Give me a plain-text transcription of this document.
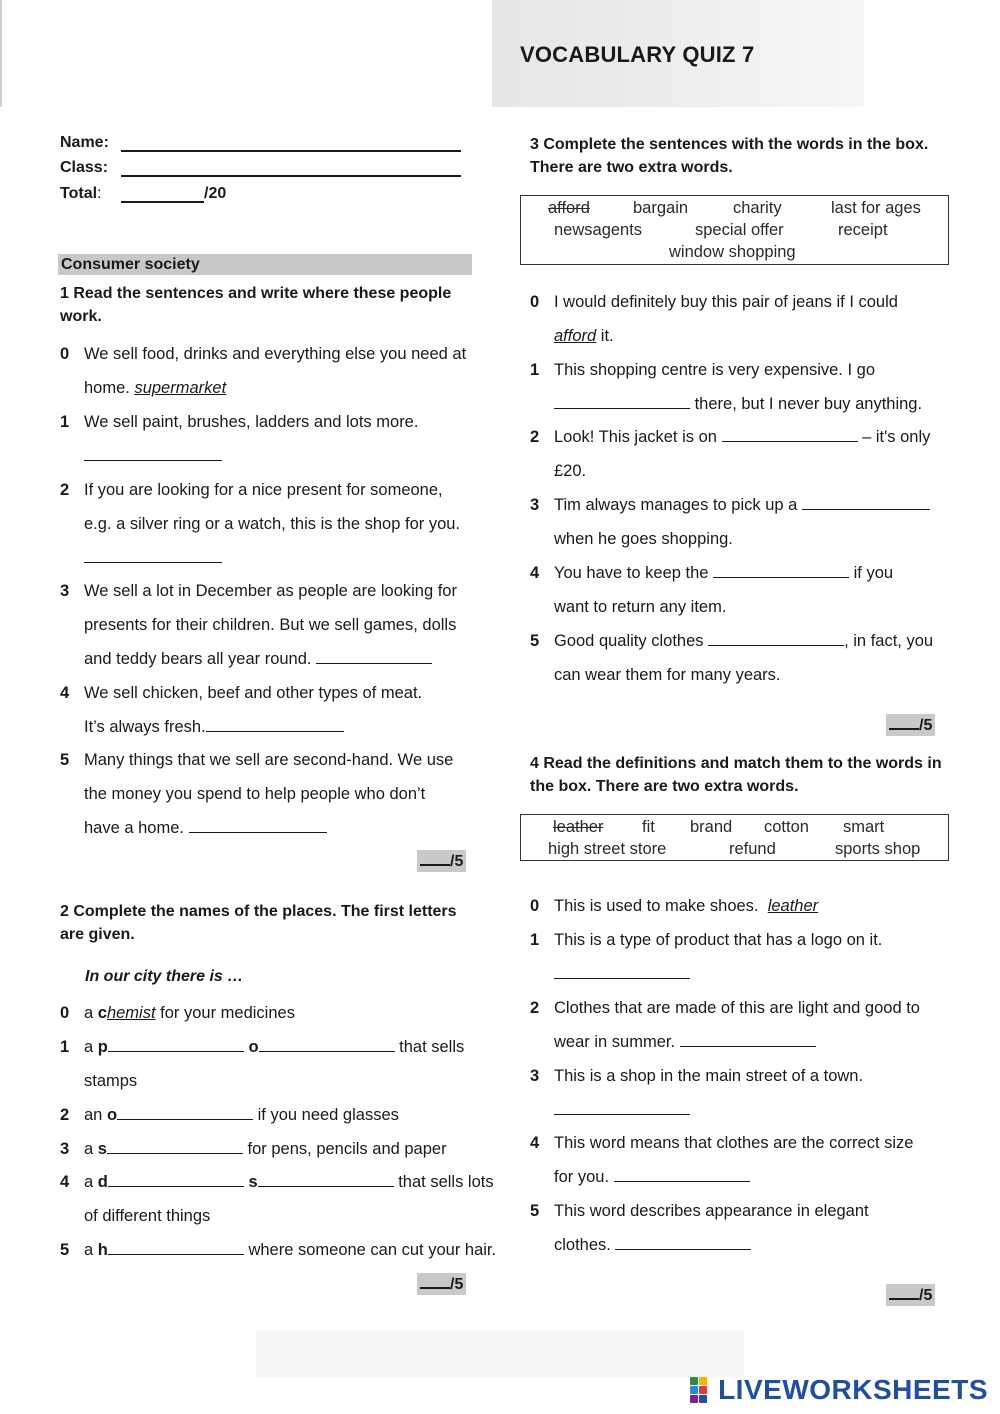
VOCABULARY QUIZ 7
Name:
Class:
Total:	/20
Consumer society
1 Read the sentences and write where these people work.
0 We sell food, drinks and everything else you need at
home. supermarket
1 We sell paint, brushes, ladders and lots more.
2 If you are looking for a nice present for someone,
e.g. a silver ring or a watch, this is the shop for you.
3 We sell a lot in December as people are looking for
presents for their children. But we sell games, dolls
and teddy bears all year round.
4 We sell chicken, beef and other types of meat.
It’s always fresh.
5 Many things that we sell are second-hand. We use
the money you spend to help people who don’t
have a home.
/5
2 Complete the names of the places. The first letters are given.
In our city there is …
0 a chemist for your medicines
1 a p	o	that sells
stamps
2 an o	if you need glasses
3 a s	for pens, pencils and paper
4 a d	s	that sells lots
of different things
5 a h	where someone can cut your hair.
/5
3 Complete the sentences with the words in the box. There are two extra words.
afford	bargain	charity	last for ages
newsagents	special offer	receipt
window shopping
0 I would definitely buy this pair of jeans if I could
afford it.
1 This shopping centre is very expensive. I go
there, but I never buy anything.
2 Look! This jacket is on	– it's only
£20.
3 Tim always manages to pick up a
when he goes shopping.
4 You have to keep the	if you
want to return any item.
5 Good quality clothes	, in fact, you
can wear them for many years.
/5
4 Read the definitions and match them to the words in the box. There are two extra words.
leather fit brand cotton smart
high street store	refund	sports shop
0 This is used to make shoes. leather
1 This is a type of product that has a logo on it.
2 Clothes that are made of this are light and good to
wear in summer.
3 This is a shop in the main street of a town.
4 This word means that clothes are the correct size
for you.
5 This word describes appearance in elegant
clothes.
/5
LIVEWORKSHEETS
